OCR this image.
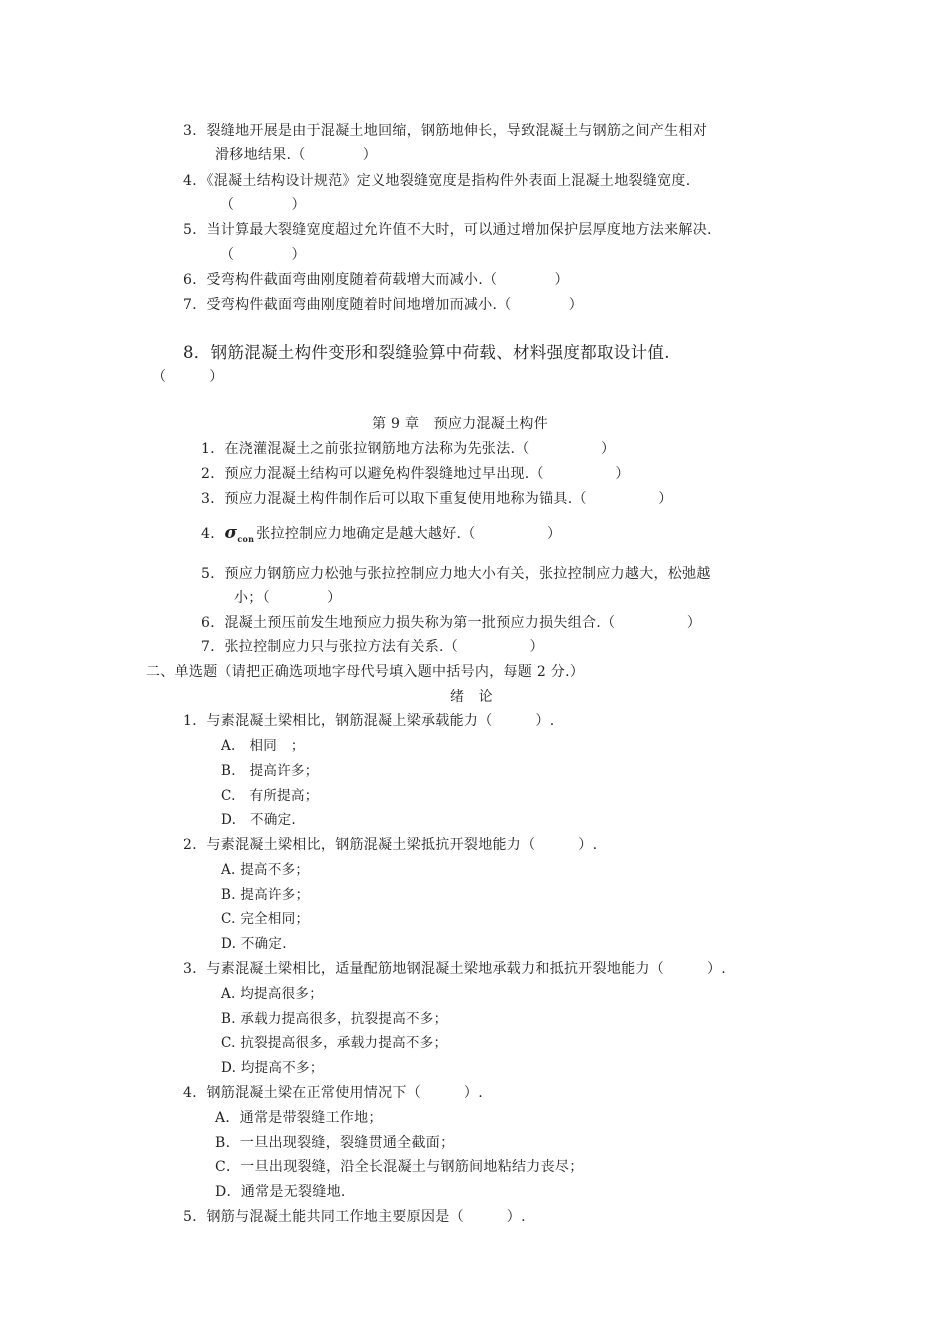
3．裂缝地开展是由于混凝土地回缩，钢筋地伸长，导致混凝土与钢筋之间产生相对
滑移地结果.（　　　　）
4．《混凝土结构设计规范》定义地裂缝宽度是指构件外表面上混凝土地裂缝宽度.
（　　　　）
5．当计算最大裂缝宽度超过允许值不大时，可以通过增加保护层厚度地方法来解决.
（　　　　）
6．受弯构件截面弯曲刚度随着荷载增大而减小.（　　　　）
7．受弯构件截面弯曲刚度随着时间地增加而减小.（　　　　）
8．钢筋混凝土构件变形和裂缝验算中荷载、材料强度都取设计值.
（　　　）
第 9 章　预应力混凝土构件
1．在浇灌混凝土之前张拉钢筋地方法称为先张法.（　　　　　）
2．预应力混凝土结构可以避免构件裂缝地过早出现.（　　　　　）
3．预应力混凝土构件制作后可以取下重复使用地称为锚具.（　　　　　）
4．$\sigma_{con}$ 张拉控制应力地确定是越大越好.（　　　　　）
5．预应力钢筋应力松弛与张拉控制应力地大小有关，张拉控制应力越大，松弛越
小；（　　　　）
6．混凝土预压前发生地预应力损失称为第一批预应力损失组合.（　　　　　）
7．张拉控制应力只与张拉方法有关系.（　　　　　）
二、单选题（请把正确选项地字母代号填入题中括号内，每题 2 分.）
绪　论
1．与素混凝土梁相比，钢筋混凝上梁承载能力（　　　）.
A.　相同　；
B.　提高许多；
C.　有所提高；
D.　不确定.
2．与素混凝土梁相比，钢筋混凝土梁抵抗开裂地能力（　　　）.
A. 提高不多；
B. 提高许多；
C. 完全相同；
D. 不确定.
3．与素混凝土梁相比，适量配筋地钢混凝土梁地承载力和抵抗开裂地能力（　　　）.
A. 均提高很多；
B. 承载力提高很多，抗裂提高不多；
C. 抗裂提高很多，承载力提高不多；
D. 均提高不多；
4．钢筋混凝土梁在正常使用情况下（　　　）.
A．通常是带裂缝工作地；
B．一旦出现裂缝，裂缝贯通全截面；
C．一旦出现裂缝，沿全长混凝土与钢筋间地粘结力丧尽；
D．通常是无裂缝地.
5．钢筋与混凝土能共同工作地主要原因是（　　　）.
